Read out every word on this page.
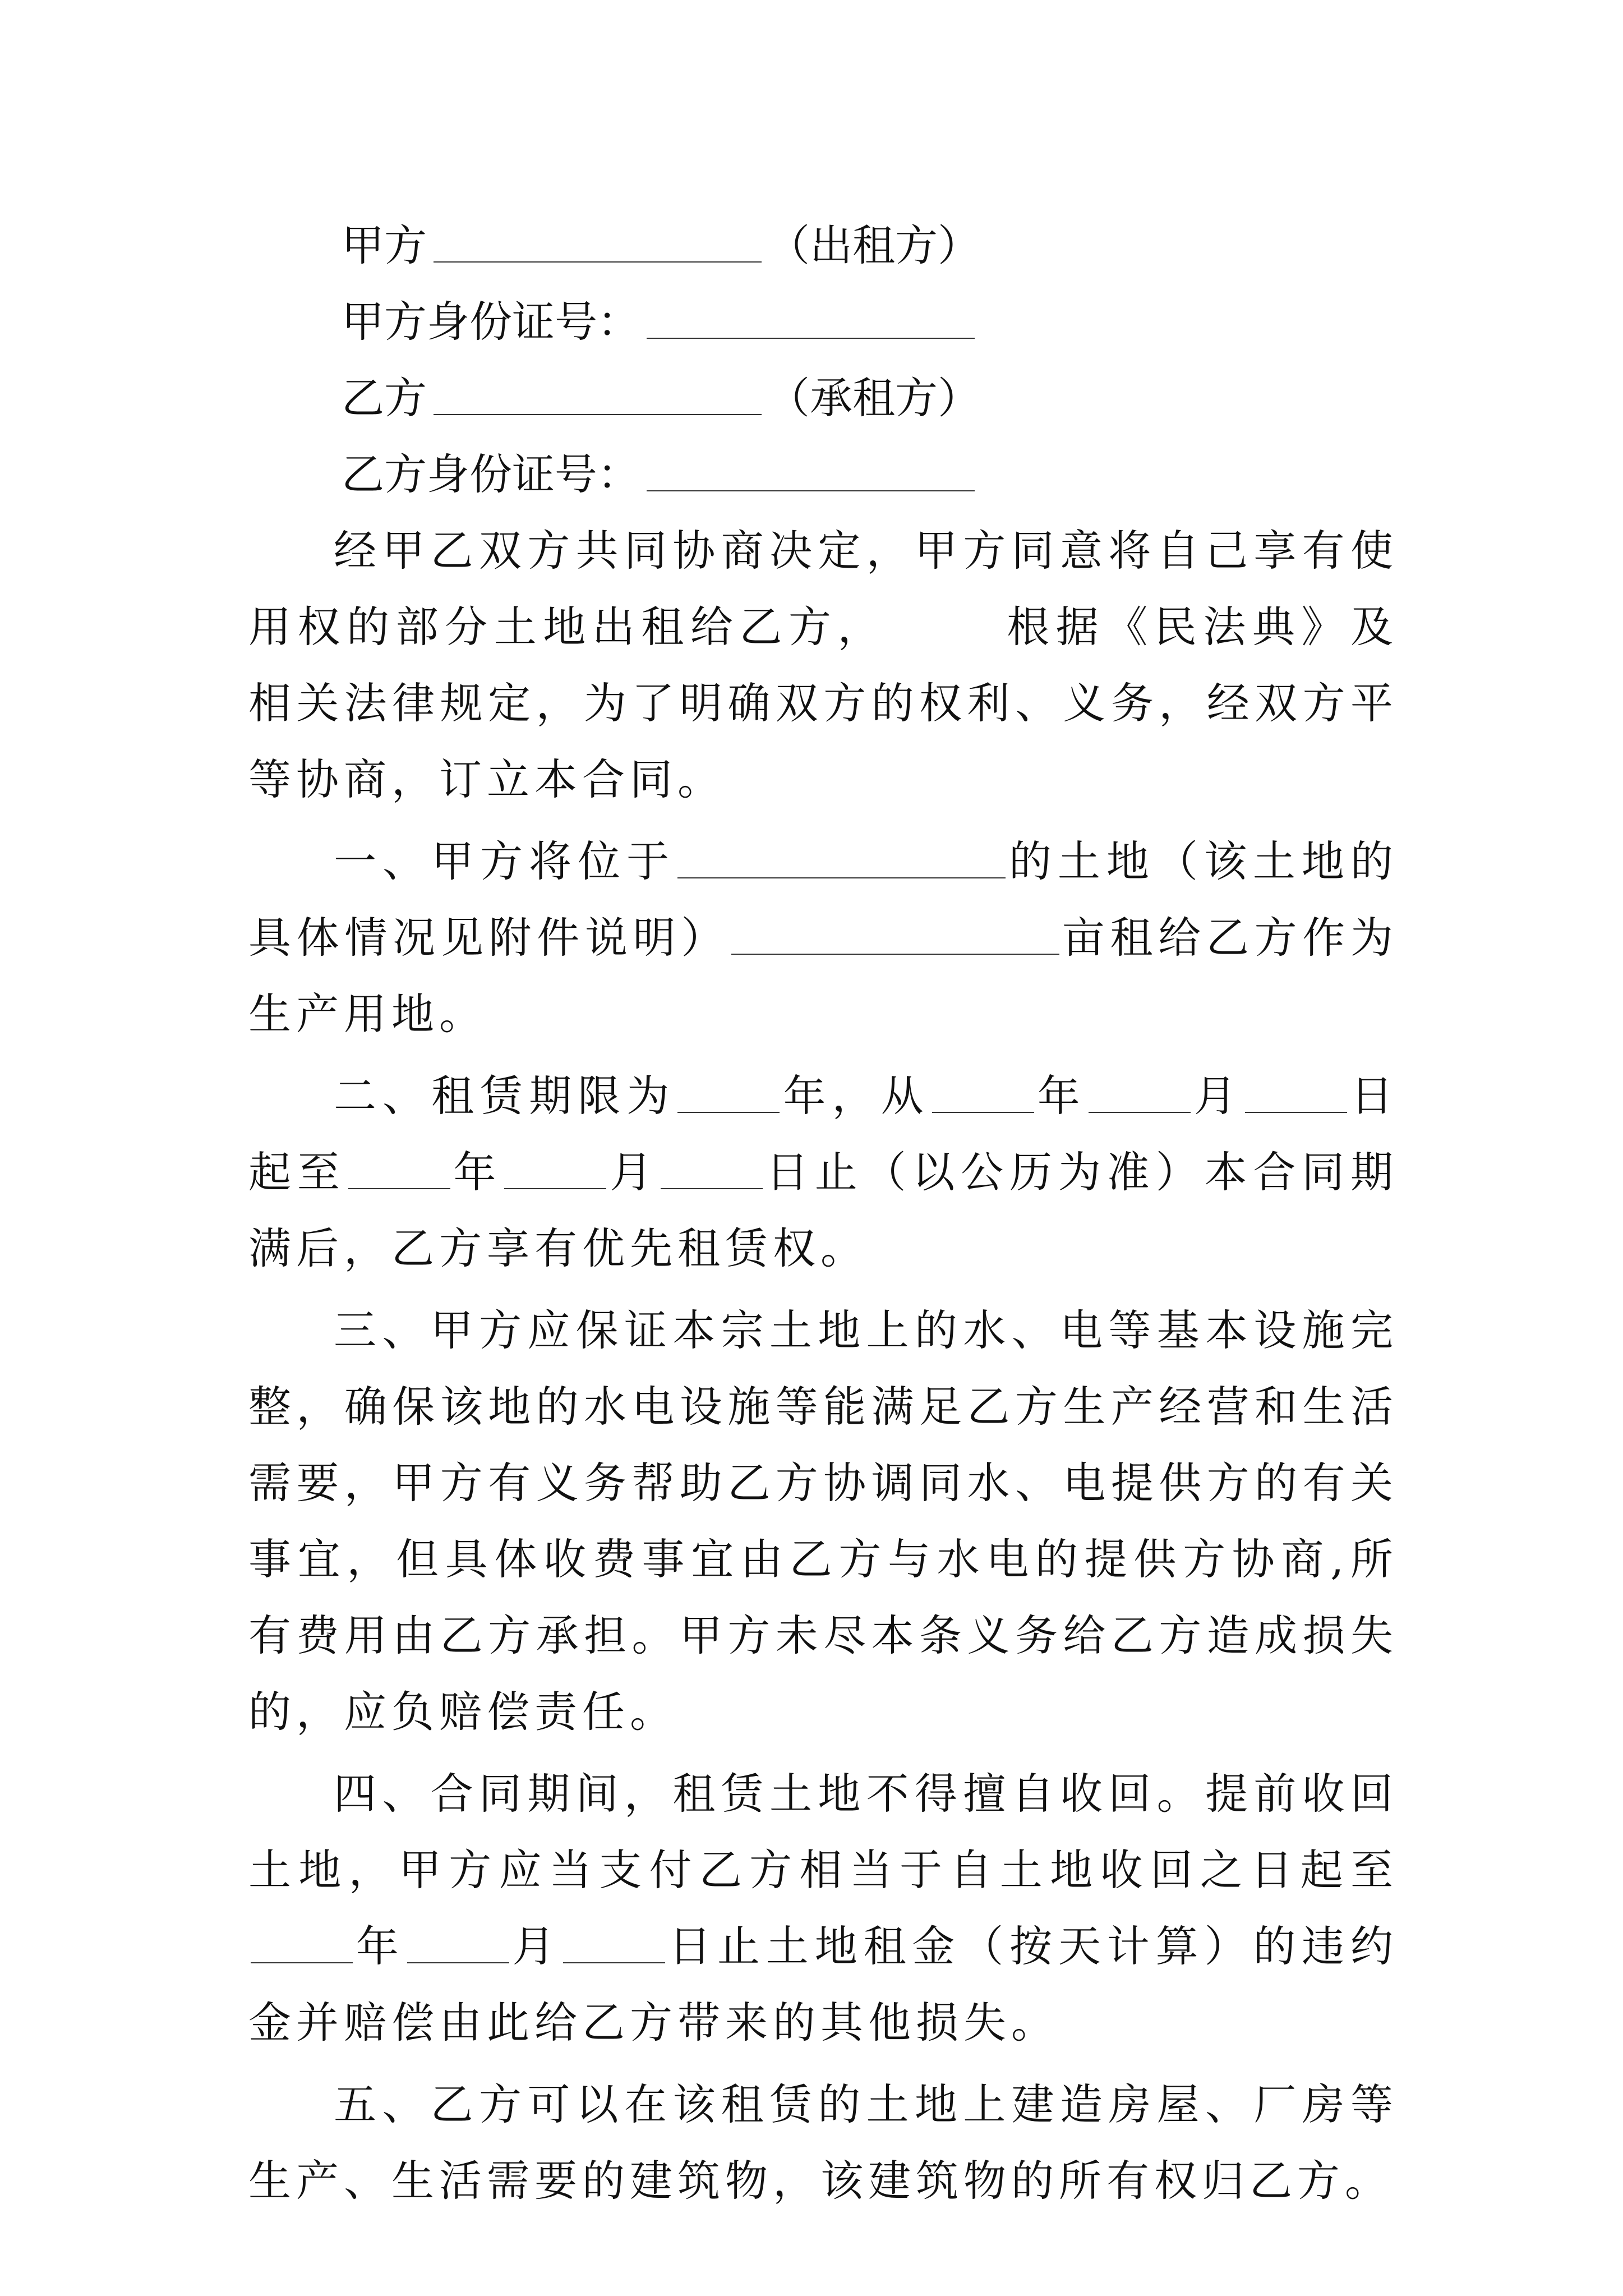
甲方	（出租方）
甲方身份证号：
乙方	（承租方）
乙方身份证号：

经甲乙双方共同协商决定，甲方同意将自己享有使用权的部分土地出租给乙方，	根据《民法典》及相关法律规定，为了明确双方的权利、义务，经双方平等协商，订立本合同。

一、甲方将位于	的土地（该土地的具体情况见附件说明）	亩租给乙方作为生产用地。

二、租赁期限为	年，从	年	月	日起至	年	月	日止（以公历为准）本合同期满后，乙方享有优先租赁权。

三、甲方应保证本宗土地上的水、电等基本设施完整，确保该地的水电设施等能满足乙方生产经营和生活需要，甲方有义务帮助乙方协调同水、电提供方的有关事宜，但具体收费事宜由乙方与水电的提供方协商,所有费用由乙方承担。甲方未尽本条义务给乙方造成损失的，应负赔偿责任。

四、合同期间，租赁土地不得擅自收回。提前收回土地，甲方应当支付乙方相当于自土地收回之日起至年	月	日止土地租金（按天计算）的违约金并赔偿由此给乙方带来的其他损失。

五、乙方可以在该租赁的土地上建造房屋、厂房等生产、生活需要的建筑物，该建筑物的所有权归乙方。
